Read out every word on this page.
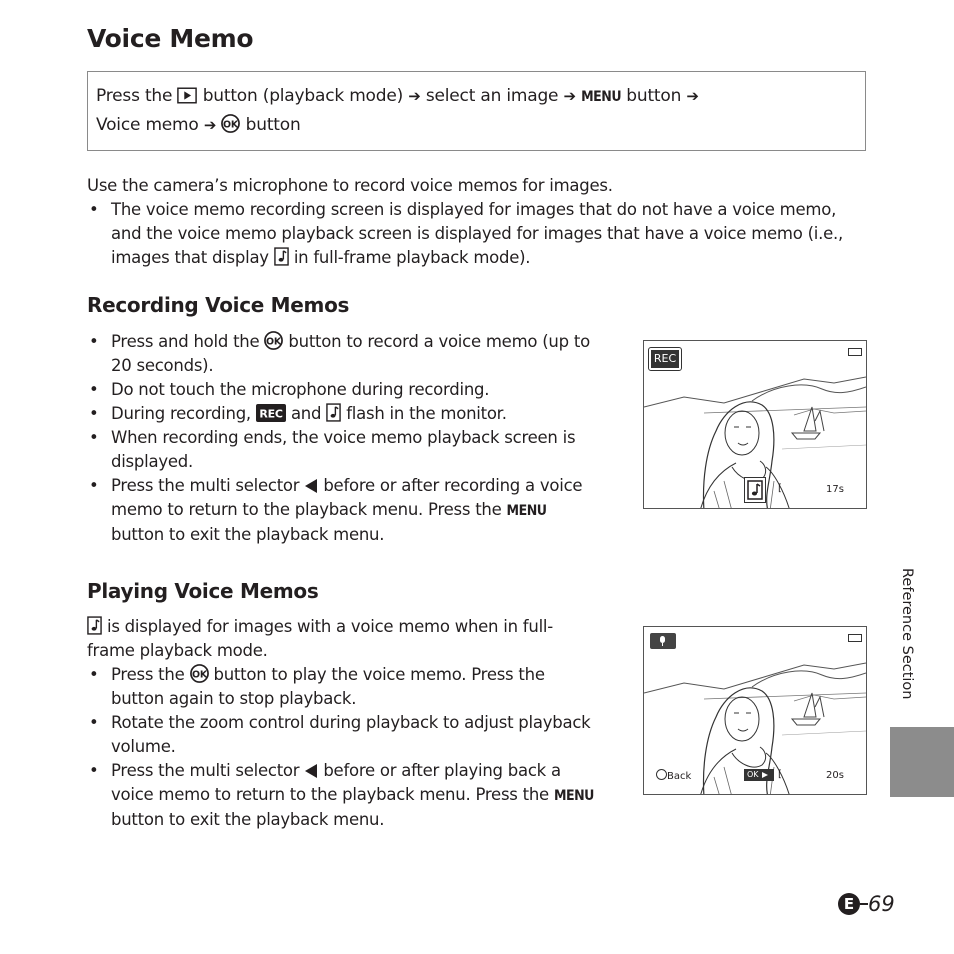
Voice Memo
Press the button (playback mode) ➔ select an image ➔ MENU button ➔
Voice memo ➔ button
Use the camera’s microphone to record voice memos for images.
• The voice memo recording screen is displayed for images that do not have a voice memo,
and the voice memo playback screen is displayed for images that have a voice memo (i.e.,
images that display in full-frame playback mode).
Recording Voice Memos
• Press and hold the button to record a voice memo (up to
20 seconds).
• Do not touch the microphone during recording.
• During recording, and flash in the monitor.
• When recording ends, the voice memo playback screen is
displayed.
• Press the multi selector before or after recording a voice
memo to return to the playback menu. Press the MENU
button to exit the playback menu.
REC
[	17s
Playing Voice Memos
is displayed for images with a voice memo when in full-
frame playback mode.
• Press the button to play the voice memo. Press the
button again to stop playback.
• Rotate the zoom control during playback to adjust playback
volume.
• Press the multi selector before or after playing back a
voice memo to return to the playback menu. Press the MENU
button to exit the playback menu.
Back	OK [	20s
Reference Section
E 69
